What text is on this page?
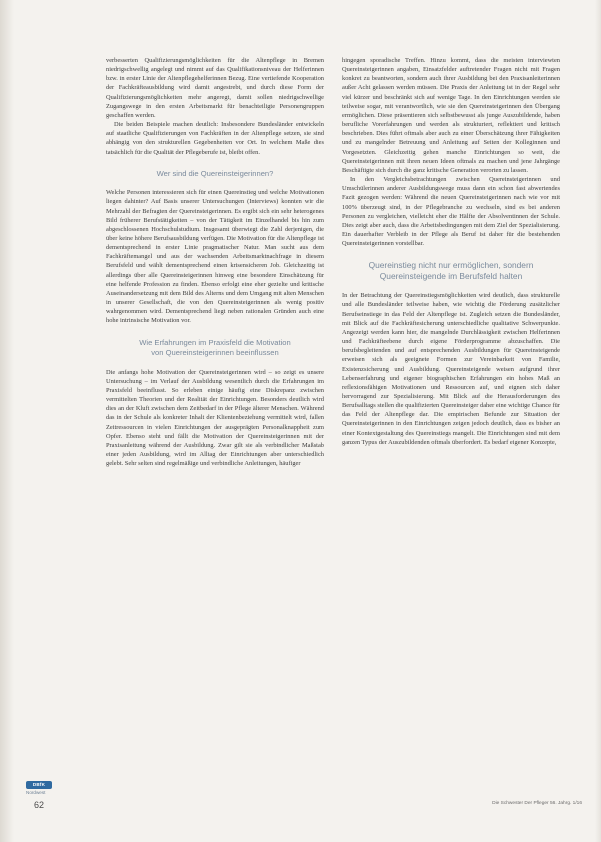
verbesserten Qualifizierungsmöglichkeiten für die Altenpflege in Bremen niedrigschwellig angelegt und nimmt auf das Qualifikationsniveau der Helferinnen bzw. in erster Linie der Altenpflegehelferinnen Bezug. Eine vertiefende Kooperation der Fachkräfteausbildung wird damit angestrebt, und durch diese Form der Qualifizierungsmöglichkeiten mehr angeregt, damit sollen niedrigschwellige Zugangswege in den ersten Arbeitsmarkt für benachteiligte Personengruppen geschaffen werden.

Die beiden Beispiele machen deutlich: Insbesondere Bundesländer entwickeln auf staatliche Qualifizierungen von Fachkräften in der Altenpflege setzen, sie sind abhängig von den strukturellen Gegebenheiten vor Ort. In welchem Maße dies tatsächlich für die Qualität der Pflegeberufe ist, bleibt offen.

Wer sind die Quereinsteigerinnen?

Welche Personen interessieren sich für einen Quereinstieg und welche Motivationen liegen dahinter? Auf Basis unserer Untersuchungen (Interviews) konnten wir die Mehrzahl der Befragten der Quereinsteigerinnen. Es ergibt sich ein sehr heterogenes Bild früherer Berufstätigkeiten – von der Tätigkeit im Einzelhandel bis hin zum abgeschlossenen Hochschulstudium. Insgesamt überwiegt die Zahl derjenigen, die über keine höhere Berufsausbildung verfügen. Die Motivation für die Altenpflege ist dementsprechend in erster Linie pragmatischer Natur. Man sucht aus dem Fachkräftemangel und aus der wachsenden Arbeitsmarktnachfrage in diesem Berufsfeld und wählt dementsprechend einen krisensicheren Job. Gleichzeitig ist allerdings über alle Quereinsteigerinnen hinweg eine besondere Einschätzung für eine helfende Profession zu finden. Ebenso erfolgt eine eher gezielte und kritische Auseinandersetzung mit dem Bild des Alterns und dem Umgang mit alten Menschen in unserer Gesellschaft, die von den Quereinsteigerinnen als wenig positiv wahrgenommen wird. Dementsprechend liegt neben rationalen Gründen auch eine hohe intrinsische Motivation vor.

Wie Erfahrungen im Praxisfeld die Motivation
von Quereinsteigerinnen beeinflussen

Die anfangs hohe Motivation der Quereinsteigerinnen wird – so zeigt es unsere Untersuchung – im Verlauf der Ausbildung wesentlich durch die Erfahrungen im Praxisfeld beeinflusst. So erleben einige häufig eine Diskrepanz zwischen vermittelten Theorien und der Realität der Einrichtungen. Besonders deutlich wird dies an der Kluft zwischen dem Zeitbedarf in der Pflege älterer Menschen. Während das in der Schule als konkreter Inhalt der Klientenbeziehung vermittelt wird, fallen Zeitressourcen in vielen Einrichtungen der ausgeprägten Personalknappheit zum Opfer. Ebenso steht und fällt die Motivation der Quereinsteigerinnen mit der Praxisanleitung während der Ausbildung. Zwar gilt sie als verbindlicher Maßstab einer jeden Ausbildung, wird im Alltag der Einrichtungen aber unterschiedlich gelebt. Sehr selten sind regelmäßige und verbindliche Anleitungen, häufiger

hingegen sporadische Treffen. Hinzu kommt, dass die meisten interviewten Quereinsteigerinnen angaben, Einsatzfelder auftretender Fragen nicht mit Fragen konkret zu beantworten, sondern auch ihrer Ausbildung bei den Praxisanleiterinnen außer Acht gelassen werden müssen. Die Praxis der Anleitung ist in der Regel sehr viel kürzer und beschränkt sich auf wenige Tage. In den Einrichtungen werden sie teilweise sogar, mit verantwortlich, wie sie den Quereinsteigerinnen den Übergang ermöglichen. Diese präsentieren sich selbstbewusst als junge Auszubildende, haben berufliche Vorerfahrungen und werden als strukturiert, reflektiert und kritisch beschrieben. Dies führt oftmals aber auch zu einer Überschätzung ihrer Fähigkeiten und zu mangelnder Betreuung und Anleitung auf Seiten der Kolleginnen und Vorgesetzten. Gleichzeitig gehen manche Einrichtungen so weit, die Quereinsteigerinnen mit ihren neuen Ideen oftmals zu machen und jene Jahrgänge Beschäftigte sich durch die ganz kritische Generation verorten zu lassen.

In den Vergleichsbetrachtungen zwischen Quereinsteigerinnen und Umschülerinnen anderer Ausbildungswege muss dann ein schon fast abwertendes Fazit gezogen werden: Während die neuen Quereinsteigerinnen nach wie vor mit 100% überzeugt sind, in der Pflegebranche zu wechseln, sind es bei anderen Personen zu vergleichen, vielleicht eher die Hälfte der Absolventinnen der Schule. Dies zeigt aber auch, dass die Arbeitsbedingungen mit dem Ziel der Spezialisierung. Ein dauerhafter Verbleib in der Pflege als Beruf ist daher für die bestehenden Quereinsteigerinnen vorstellbar.

Quereinstieg nicht nur ermöglichen, sondern
Quereinsteigende im Berufsfeld halten

In der Betrachtung der Quereinstiegsmöglichkeiten wird deutlich, dass strukturelle und alle Bundesländer teilweise haben, wie wichtig die Förderung zusätzlicher Berufseinstiege in das Feld der Altenpflege ist. Zugleich setzen die Bundesländer, mit Blick auf die Fachkräftesicherung unterschiedliche qualitative Schwerpunkte. Angezeigt werden kann hier, die mangelnde Durchlässigkeit zwischen Helferinnen und Fachkräfteebene durch eigene Förderprogramme abzuschaffen. Die berufsbegleitenden und auf entsprechenden Ausbildungen für Quereinsteigende erweisen sich als geeignete Formen zur Vereinbarkeit von Familie, Existenzsicherung und Ausbildung. Quereinsteigende weisen aufgrund ihrer Lebenserfahrung und eigener biographischen Erfahrungen ein hohes Maß an reflexionsfähigen Motivationen und Ressourcen auf, und eignen sich daher hervorragend zur Spezialisierung. Mit Blick auf die Herausforderungen des Berufsalltags stellen die qualifizierten Quereinsteiger daher eine wichtige Chance für das Feld der Altenpflege dar. Die empirischen Befunde zur Situation der Quereinsteigerinnen in den Einrichtungen zeigen jedoch deutlich, dass es bisher an einer Kontextgestaltung des Quereinstiegs mangelt. Die Einrichtungen sind mit dem ganzen Typus der Auszubildenden oftmals überfordert. Es bedarf eigener Konzepte,

DBfK
Nordwest
62	Die Schwester Der Pfleger 56. Jahrg. 1/16
